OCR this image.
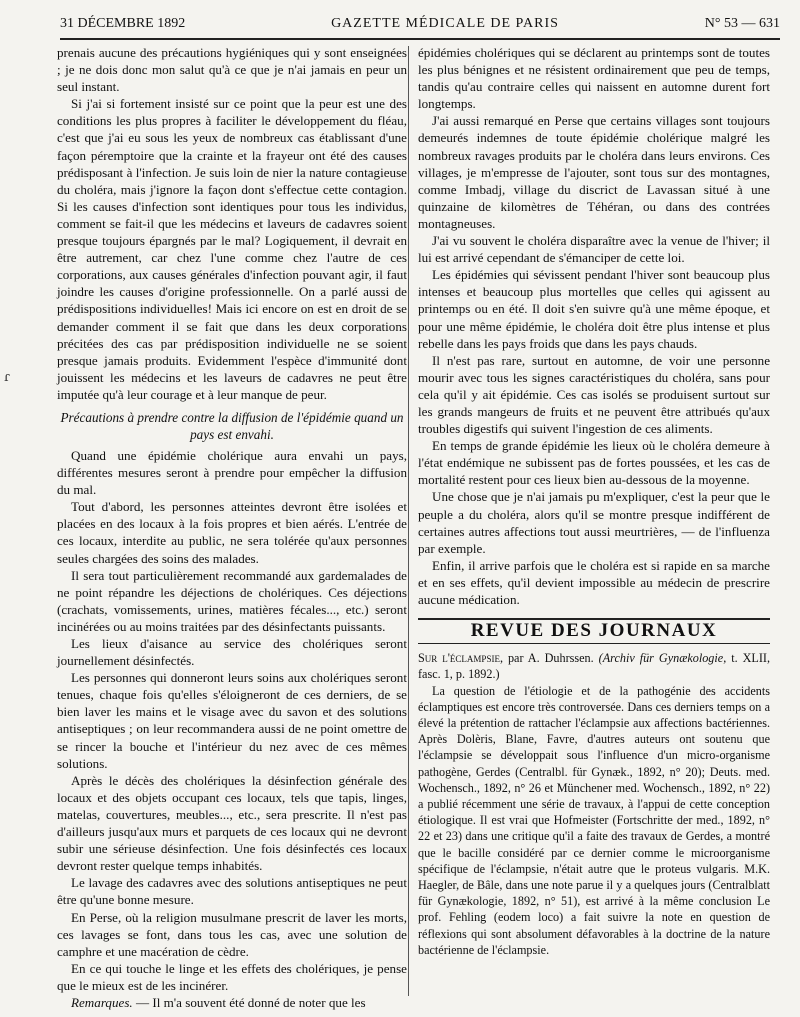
31 DÉCEMBRE 1892	GAZETTE MÉDICALE DE PARIS	N° 53 — 631
ɾ

prenais aucune des précautions hygiéniques qui y sont enseignées ; je ne dois donc mon salut qu'à ce que je n'ai jamais en peur un seul instant.

Si j'ai si fortement insisté sur ce point que la peur est une des conditions les plus propres à faciliter le développement du fléau, c'est que j'ai eu sous les yeux de nombreux cas établissant d'une façon péremptoire que la crainte et la frayeur ont été des causes prédisposant à l'infection. Je suis loin de nier la nature contagieuse du choléra, mais j'ignore la façon dont s'effectue cette contagion. Si les causes d'infection sont identiques pour tous les individus, comment se fait-il que les médecins et laveurs de cadavres soient presque toujours épargnés par le mal? Logiquement, il devrait en être autrement, car chez l'une comme chez l'autre de ces corporations, aux causes générales d'infection pouvant agir, il faut joindre les causes d'origine professionnelle. On a parlé aussi de prédispositions individuelles! Mais ici encore on est en droit de se demander comment il se fait que dans les deux corporations précitées des cas par prédisposition individuelle ne se soient presque jamais produits. Evidemment l'espèce d'immunité dont jouissent les médecins et les laveurs de cadavres ne peut être imputée qu'à leur courage et à leur manque de peur.

Précautions à prendre contre la diffusion de l'épidémie quand un pays est envahi.

Quand une épidémie cholérique aura envahi un pays, différentes mesures seront à prendre pour empêcher la diffusion du mal.

Tout d'abord, les personnes atteintes devront être isolées et placées en des locaux à la fois propres et bien aérés. L'entrée de ces locaux, interdite au public, ne sera tolérée qu'aux personnes seules chargées des soins des malades.

Il sera tout particulièrement recommandé aux gardemalades de ne point répandre les déjections de cholériques. Ces déjections (crachats, vomissements, urines, matières fécales..., etc.) seront incinérées ou au moins traitées par des désinfectants puissants.

Les lieux d'aisance au service des cholériques seront journellement désinfectés.

Les personnes qui donneront leurs soins aux cholériques seront tenues, chaque fois qu'elles s'éloigneront de ces derniers, de se bien laver les mains et le visage avec du savon et des solutions antiseptiques ; on leur recommandera aussi de ne point omettre de se rincer la bouche et l'intérieur du nez avec de ces mêmes solutions.

Après le décès des cholériques la désinfection générale des locaux et des objets occupant ces locaux, tels que tapis, linges, matelas, couvertures, meubles..., etc., sera prescrite. Il n'est pas d'ailleurs jusqu'aux murs et parquets de ces locaux qui ne devront subir une sérieuse désinfection. Une fois désinfectés ces locaux devront rester quelque temps inhabités.

Le lavage des cadavres avec des solutions antiseptiques ne peut être qu'une bonne mesure.

En Perse, où la religion musulmane prescrit de laver les morts, ces lavages se font, dans tous les cas, avec une solution de camphre et une macération de cèdre.

En ce qui touche le linge et les effets des cholériques, je pense que le mieux est de les incinérer.

Remarques. — Il m'a souvent été donné de noter que les

épidémies cholériques qui se déclarent au printemps sont de toutes les plus bénignes et ne résistent ordinairement que peu de temps, tandis qu'au contraire celles qui naissent en automne durent fort longtemps.

J'ai aussi remarqué en Perse que certains villages sont toujours demeurés indemnes de toute épidémie cholérique malgré les nombreux ravages produits par le choléra dans leurs environs. Ces villages, je m'empresse de l'ajouter, sont tous sur des montagnes, comme Imbadj, village du discrict de Lavassan situé à une quinzaine de kilomètres de Téhéran, ou dans des contrées montagneuses.

J'ai vu souvent le choléra disparaître avec la venue de l'hiver; il lui est arrivé cependant de s'émanciper de cette loi.

Les épidémies qui sévissent pendant l'hiver sont beaucoup plus intenses et beaucoup plus mortelles que celles qui agissent au printemps ou en été. Il doit s'en suivre qu'à une même époque, et pour une même épidémie, le choléra doit être plus intense et plus rebelle dans les pays froids que dans les pays chauds.

Il n'est pas rare, surtout en automne, de voir une personne mourir avec tous les signes caractéristiques du choléra, sans pour cela qu'il y ait épidémie. Ces cas isolés se produisent surtout sur les grands mangeurs de fruits et ne peuvent être attribués qu'aux troubles digestifs qui suivent l'ingestion de ces aliments.

En temps de grande épidémie les lieux où le choléra demeure à l'état endémique ne subissent pas de fortes poussées, et les cas de mortalité restent pour ces lieux bien au-dessous de la moyenne.

Une chose que je n'ai jamais pu m'expliquer, c'est la peur que le peuple a du choléra, alors qu'il se montre presque indifférent de certaines autres affections tout aussi meurtrières, — de l'influenza par exemple.

Enfin, il arrive parfois que le choléra est si rapide en sa marche et en ses effets, qu'il devient impossible au médecin de prescrire aucune médication.

REVUE DES JOURNAUX

Sur l'éclampsie, par A. Duhrssen. (Archiv für Gynækologie, t. XLII, fasc. 1, p. 1892.)

La question de l'étiologie et de la pathogénie des accidents éclamptiques est encore très controversée. Dans ces derniers temps on a élevé la prétention de rattacher l'éclampsie aux affections bactériennes. Après Dolèris, Blane, Favre, d'autres auteurs ont soutenu que l'éclampsie se développait sous l'influence d'un micro-organisme pathogène, Gerdes (Centralbl. für Gynæk., 1892, n° 20); Deuts. med. Wochensch., 1892, n° 26 et Münchener med. Wochensch., 1892, n° 22) a publié récemment une série de travaux, à l'appui de cette conception étiologique. Il est vrai que Hofmeister (Fortschritte der med., 1892, n° 22 et 23) dans une critique qu'il a faite des travaux de Gerdes, a montré que le bacille considéré par ce dernier comme le microorganisme spécifique de l'éclampsie, n'était autre que le proteus vulgaris. M.K. Haegler, de Bâle, dans une note parue il y a quelques jours (Centralblatt für Gynækologie, 1892, n° 51), est arrivé à la même conclusion Le prof. Fehling (eodem loco) a fait suivre la note en question de réflexions qui sont absolument défavorables à la doctrine de la nature bactérienne de l'éclampsie.
